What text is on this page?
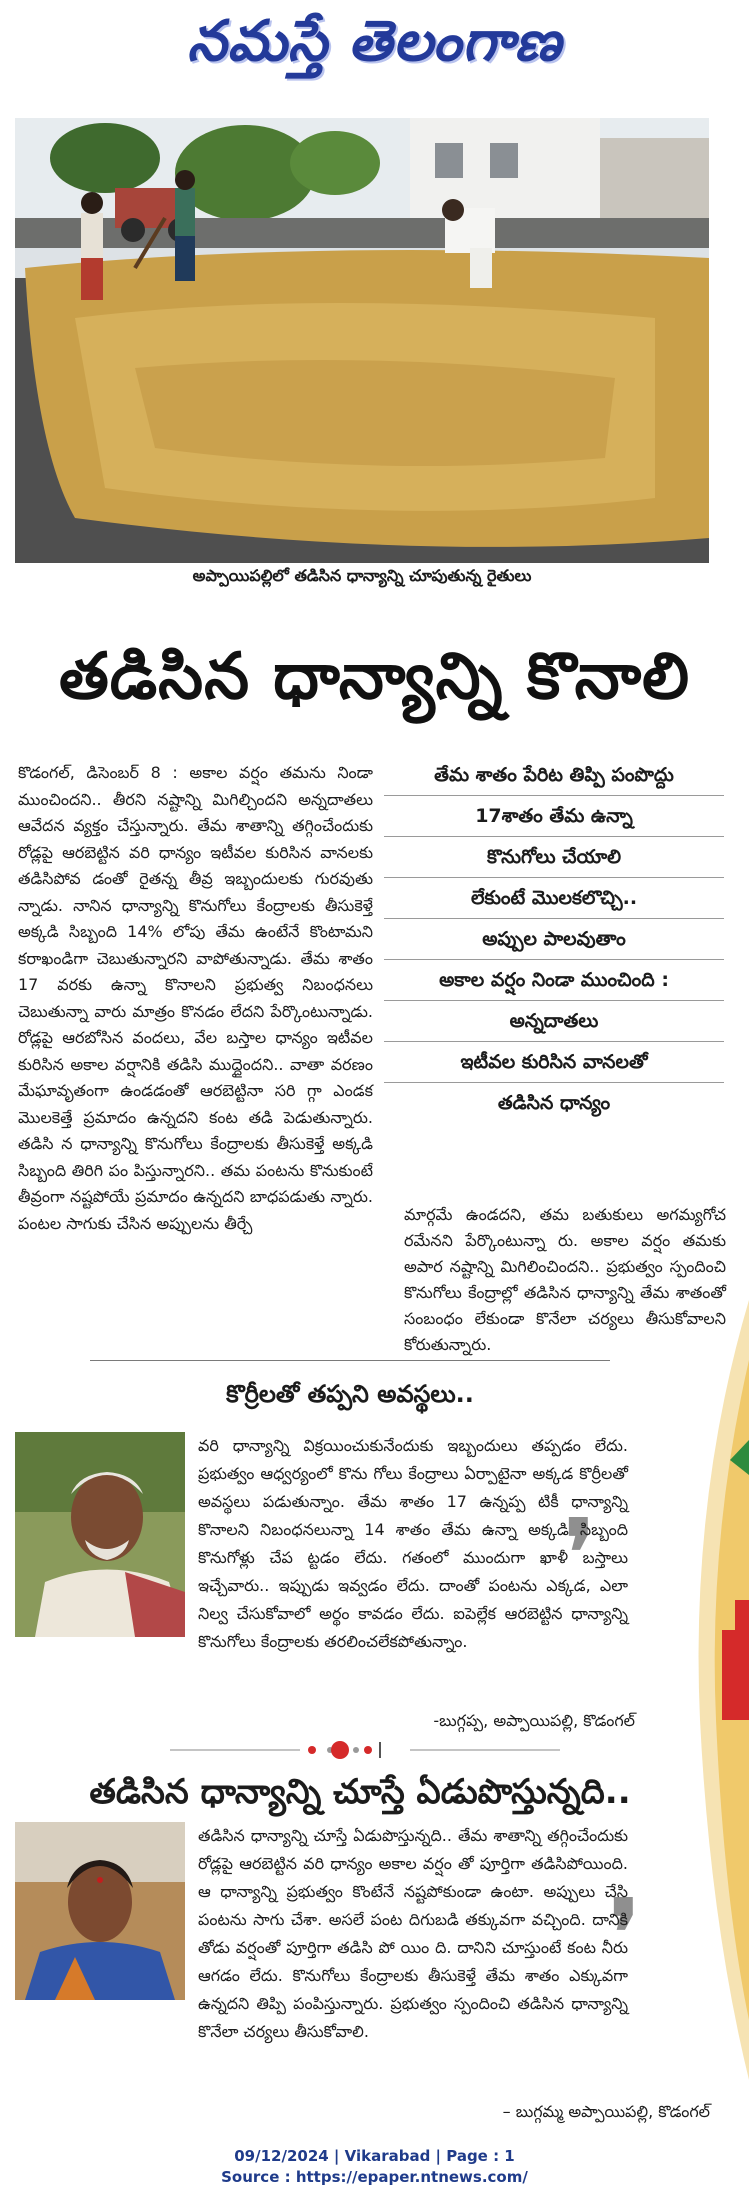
నమస్తే తెలంగాణ
అప్పాయిపల్లిలో తడిసిన ధాన్యాన్ని చూపుతున్న రైతులు
తడిసిన ధాన్యాన్ని కొనాలి

కొడంగల్, డిసెంబర్ 8 : అకాల వర్షం తమను నిండా ముంచిందని.. తీరని నష్టాన్ని మిగిల్చిందని అన్నదాతలు ఆవేదన వ్యక్తం చేస్తున్నారు. తేమ శాతాన్ని తగ్గించేందుకు రోడ్లపై ఆరబెట్టిన వరి ధాన్యం ఇటీవల కురిసిన వానలకు తడిసిపోవ డంతో రైతన్న తీవ్ర ఇబ్బందులకు గురవుతు న్నాడు. నానిన ధాన్యాన్ని కొనుగోలు కేంద్రాలకు తీసుకెళ్తే అక్కడి సిబ్బంది 14% లోపు తేమ ఉంటేనే కొంటామని కరాఖండిగా చెబుతున్నారని వాపోతున్నాడు. తేమ శాతం 17 వరకు ఉన్నా కొనాలని ప్రభుత్వ నిబంధనలు చెబుతున్నా వారు మాత్రం కొనడం లేదని పేర్కొంటున్నాడు. రోడ్లపై ఆరబోసిన వందలు, వేల బస్తాల ధాన్యం ఇటీవల కురిసిన అకాల వర్షానికి తడిసి ముద్దైందని.. వాతా వరణం మేఘావృతంగా ఉండడంతో ఆరబెట్టినా సరి గ్గా ఎండక మొలకెత్తే ప్రమాదం ఉన్నదని కంట తడి పెడుతున్నారు. తడిసి న ధాన్యాన్ని కొనుగోలు కేంద్రాలకు తీసుకెళ్తే అక్కడి సిబ్బంది తిరిగి పం పిస్తున్నారని.. తమ పంటను కొనుకుంటే తీవ్రంగా నష్టపోయే ప్రమాదం ఉన్నదని బాధపడుతు న్నారు. పంటల సాగుకు చేసిన అప్పులను తీర్చే

తేమ శాతం పేరిట తిప్పి పంపొద్దు
17శాతం తేమ ఉన్నా
కొనుగోలు చేయాలి
లేకుంటే మొలకలొచ్చి..
అప్పుల పాలవుతాం
అకాల వర్షం నిండా ముంచింది :
అన్నదాతలు
ఇటీవల కురిసిన వానలతో
తడిసిన ధాన్యం

మార్గమే ఉండదని, తమ బతుకులు అగమ్యగోచ రమేనని పేర్కొంటున్నా రు. అకాల వర్షం తమకు అపార నష్టాన్ని మిగిలించిందని.. ప్రభుత్వం స్పందించి కొనుగోలు కేంద్రాల్లో తడిసిన ధాన్యాన్ని తేమ శాతంతో సంబంధం లేకుండా కొనేలా చర్యలు తీసుకోవాలని కోరుతున్నారు.

కొర్రీలతో తప్పని అవస్థలు..
❜

వరి ధాన్యాన్ని విక్రయించుకునేందుకు ఇబ్బందులు తప్పడం లేదు. ప్రభుత్వం ఆధ్వర్యంలో కొను గోలు కేంద్రాలు ఏర్పాటైనా అక్కడ కొర్రీలతో అవస్థలు పడుతున్నాం. తేమ శాతం 17 ఉన్నప్ప టికీ ధాన్యాన్ని కొనాలని నిబంధనలున్నా 14 శాతం తేమ ఉన్నా అక్కడి సిబ్బంది కొనుగోళ్లు చేప ట్టడం లేదు. గతంలో ముందుగా ఖాళీ బస్తాలు ఇచ్చేవారు.. ఇప్పుడు ఇవ్వడం లేదు. దాంతో పంటను ఎక్కడ, ఎలా నిల్వ చేసుకోవాలో అర్థం కావడం లేదు. ఐపెల్లేక ఆరబెట్టిన ధాన్యాన్ని కొనుగోలు కేంద్రాలకు తరలించలేకపోతున్నాం.

-బుగ్గప్ప, అప్పాయిపల్లి, కొడంగల్
తడిసిన ధాన్యాన్ని చూస్తే ఏడుపొస్తున్నది..
❜

తడిసిన ధాన్యాన్ని చూస్తే ఏడుపొస్తున్నది.. తేమ శాతాన్ని తగ్గించేందుకు రోడ్లపై ఆరబెట్టిన వరి ధాన్యం అకాల వర్షం తో పూర్తిగా తడిసిపోయింది. ఆ ధాన్యాన్ని ప్రభుత్వం కొంటేనే నష్టపోకుండా ఉంటా. అప్పులు చేసి పంటను సాగు చేశా. అసలే పంట దిగుబడి తక్కువగా వచ్చింది. దానికి తోడు వర్షంతో పూర్తిగా తడిసి పో యిం ది. దానిని చూస్తుంటే కంట నీరు ఆగడం లేదు. కొనుగోలు కేంద్రాలకు తీసుకెళ్తే తేమ శాతం ఎక్కువగా ఉన్నదని తిప్పి పంపిస్తున్నారు. ప్రభుత్వం స్పందించి తడిసిన ధాన్యాన్ని కొనేలా చర్యలు తీసుకోవాలి.

– బుగ్గమ్మ అప్పాయిపల్లి, కొడంగల్
09/12/2024 | Vikarabad | Page : 1
Source : https://epaper.ntnews.com/
